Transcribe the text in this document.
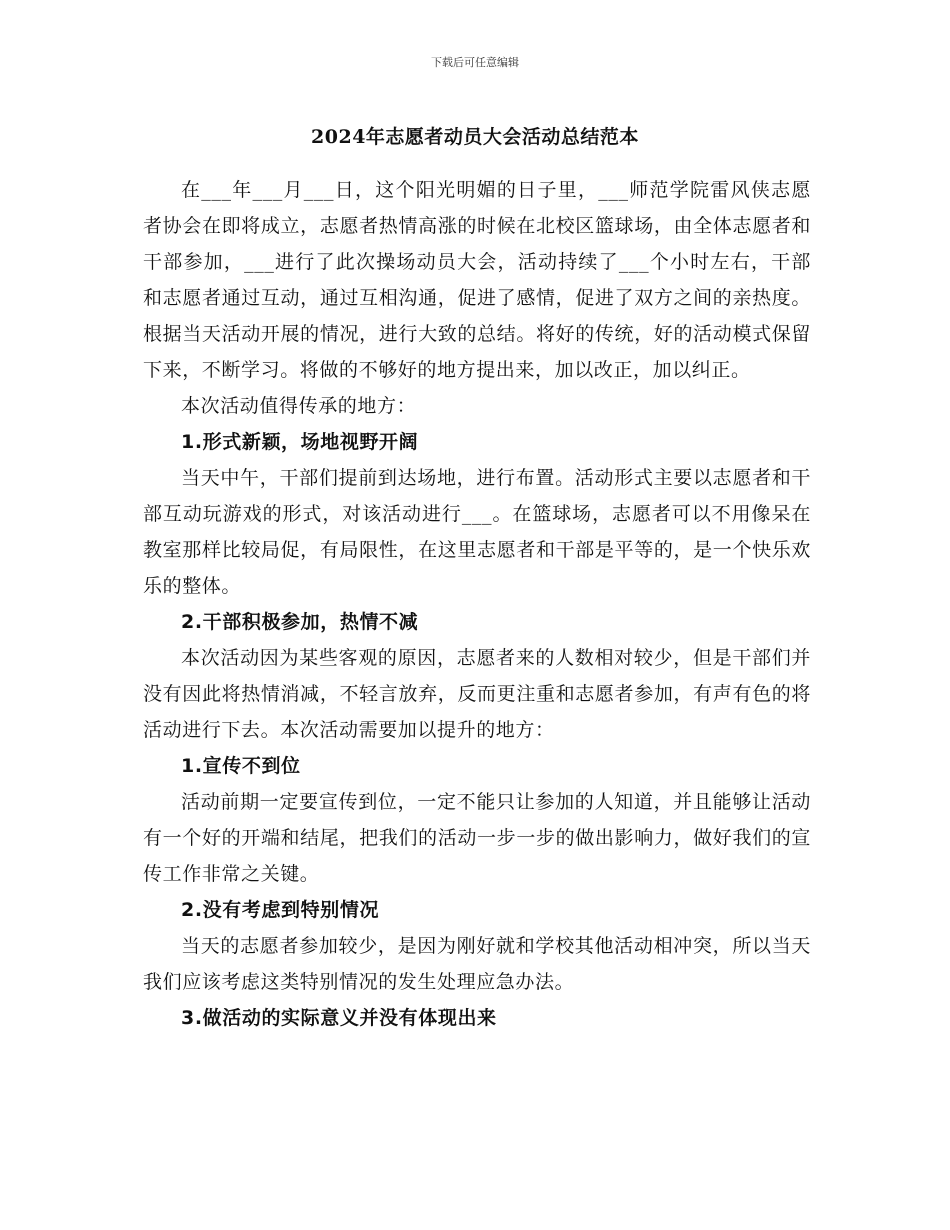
下载后可任意编辑
2024年志愿者动员大会活动总结范本

在___年___月___日，这个阳光明媚的日子里，___师范学院雷风侠志愿者协会在即将成立，志愿者热情高涨的时候在北校区篮球场，由全体志愿者和干部参加，___进行了此次操场动员大会，活动持续了___个小时左右，干部和志愿者通过互动，通过互相沟通，促进了感情，促进了双方之间的亲热度。根据当天活动开展的情况，进行大致的总结。将好的传统，好的活动模式保留下来，不断学习。将做的不够好的地方提出来，加以改正，加以纠正。

本次活动值得传承的地方：

1.形式新颖，场地视野开阔

当天中午，干部们提前到达场地，进行布置。活动形式主要以志愿者和干部互动玩游戏的形式，对该活动进行___。在篮球场，志愿者可以不用像呆在教室那样比较局促，有局限性，在这里志愿者和干部是平等的，是一个快乐欢乐的整体。

2.干部积极参加，热情不减

本次活动因为某些客观的原因，志愿者来的人数相对较少，但是干部们并没有因此将热情消减，不轻言放弃，反而更注重和志愿者参加，有声有色的将活动进行下去。本次活动需要加以提升的地方：

1.宣传不到位

活动前期一定要宣传到位，一定不能只让参加的人知道，并且能够让活动有一个好的开端和结尾，把我们的活动一步一步的做出影响力，做好我们的宣传工作非常之关键。

2.没有考虑到特别情况

当天的志愿者参加较少，是因为刚好就和学校其他活动相冲突，所以当天我们应该考虑这类特别情况的发生处理应急办法。

3.做活动的实际意义并没有体现出来
